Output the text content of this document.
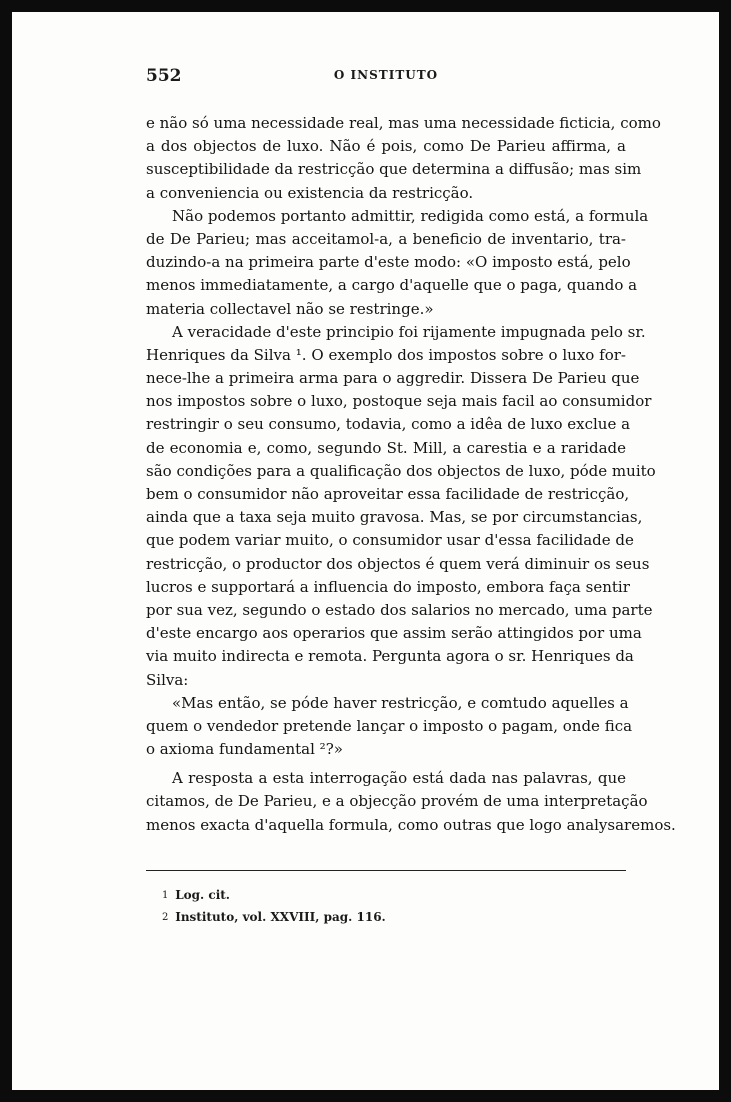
552	O INSTITUTO
e não só uma necessidade real, mas uma necessidade ficticia, como
a dos objectos de luxo. Não é pois, como De Parieu affirma, a
susceptibilidade da restricção que determina a diffusão; mas sim
a conveniencia ou existencia da restricção.
Não podemos portanto admittir, redigida como está, a formula
de De Parieu; mas acceitamol-a, a beneficio de inventario, tra-
duzindo-a na primeira parte d'este modo: «O imposto está, pelo
menos immediatamente, a cargo d'aquelle que o paga, quando a
materia collectavel não se restringe.»
A veracidade d'este principio foi rijamente impugnada pelo sr.
Henriques da Silva ¹. O exemplo dos impostos sobre o luxo for-
nece-lhe a primeira arma para o aggredir. Dissera De Parieu que
nos impostos sobre o luxo, postoque seja mais facil ao consumidor
restringir o seu consumo, todavia, como a idêa de luxo exclue a
de economia e, como, segundo St. Mill, a carestia e a raridade
são condições para a qualificação dos objectos de luxo, póde muito
bem o consumidor não aproveitar essa facilidade de restricção,
ainda que a taxa seja muito gravosa. Mas, se por circumstancias,
que podem variar muito, o consumidor usar d'essa facilidade de
restricção, o productor dos objectos é quem verá diminuir os seus
lucros e supportará a influencia do imposto, embora faça sentir
por sua vez, segundo o estado dos salarios no mercado, uma parte
d'este encargo aos operarios que assim serão attingidos por uma
via muito indirecta e remota. Pergunta agora o sr. Henriques da
Silva:
«Mas então, se póde haver restricção, e comtudo aquelles a
quem o vendedor pretende lançar o imposto o pagam, onde fica
o axioma fundamental ²?»
A resposta a esta interrogação está dada nas palavras, que
citamos, de De Parieu, e a objecção provém de uma interpretação
menos exacta d'aquella formula, como outras que logo analysaremos.
1 Log. cit.
2 Instituto, vol. XXVIII, pag. 116.
